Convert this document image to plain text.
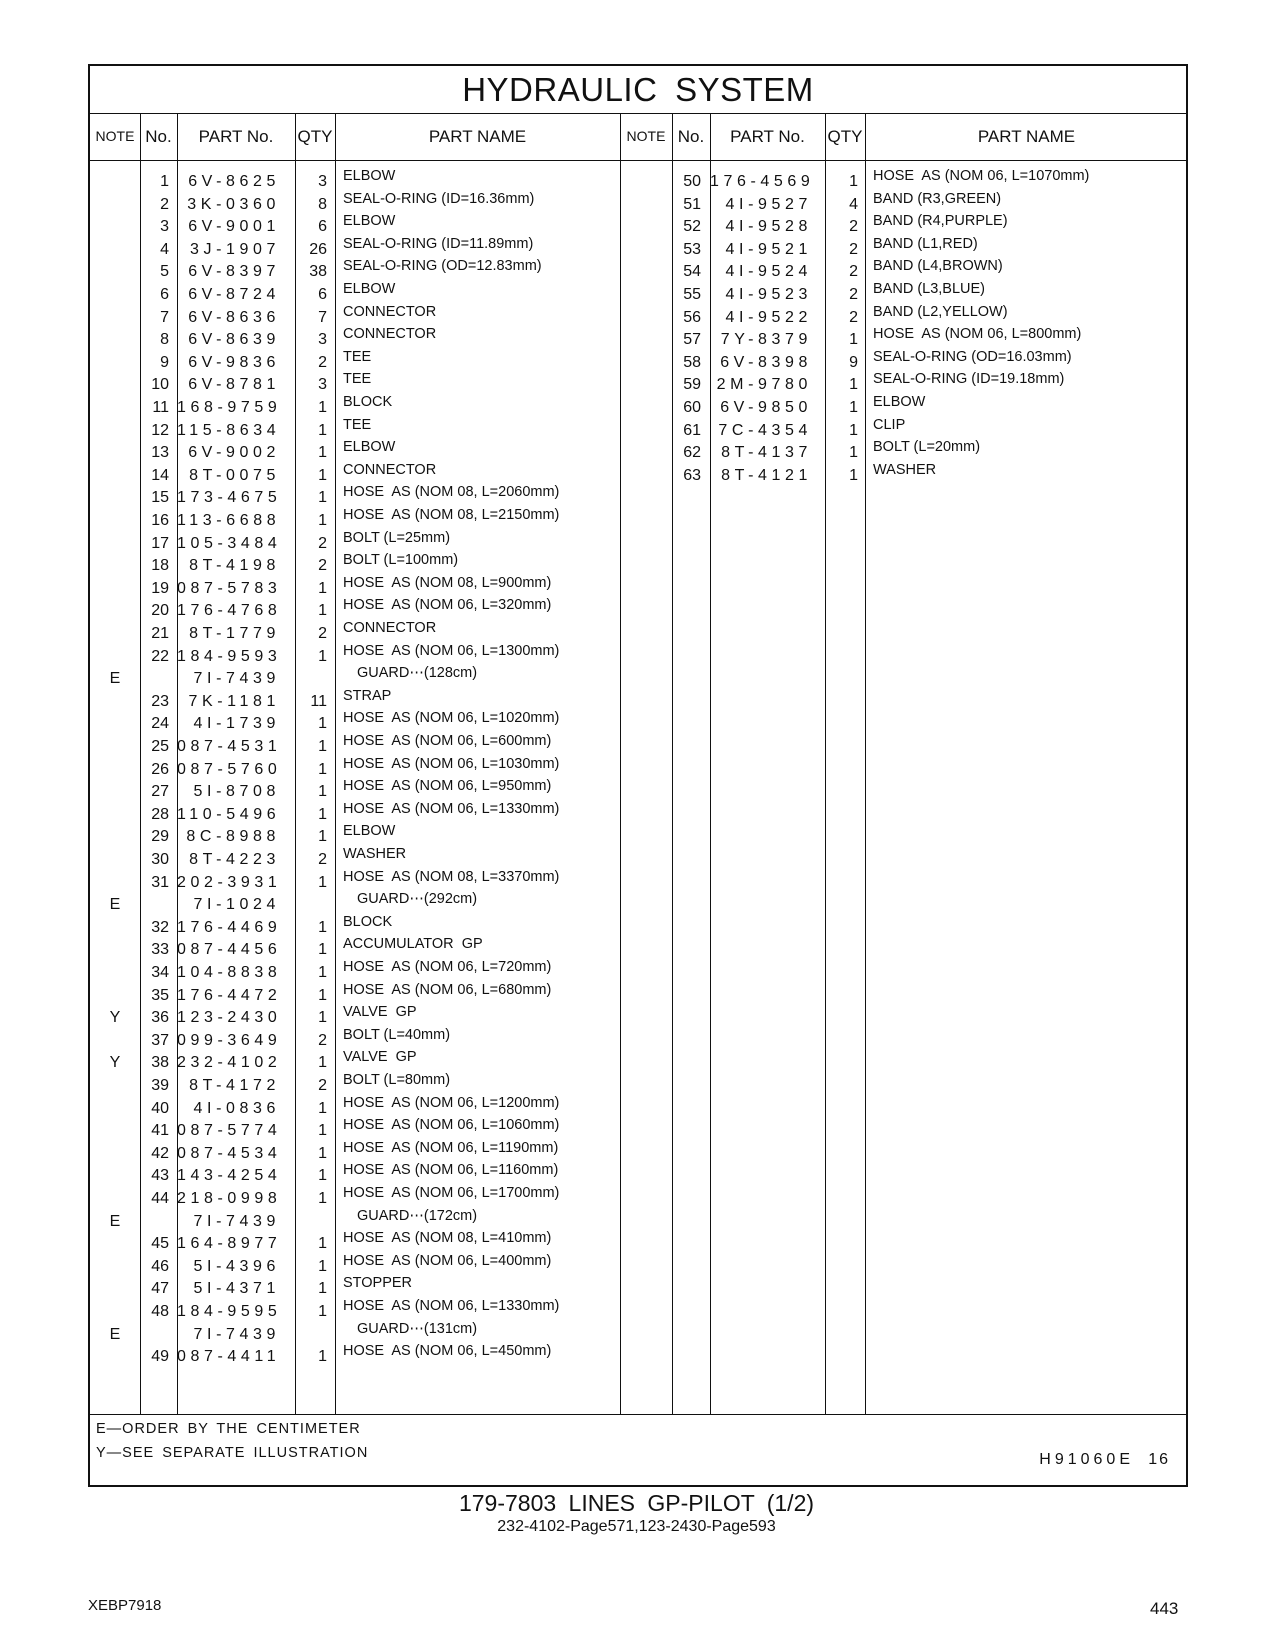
HYDRAULIC SYSTEM
NOTE No.	PART No.	QTY	PART NAME	NOTE No.	PART No.	QTY	PART NAME
1	6V-8625	3 ELBOW
2	3K-0360	8 SEAL-O-RING (ID=16.36mm)
3	6V-9001	6 ELBOW
4	3J-1907	26 SEAL-O-RING (ID=11.89mm)
5	6V-8397	38 SEAL-O-RING (OD=12.83mm)
6	6V-8724	6 ELBOW
7	6V-8636	7 CONNECTOR
8	6V-8639	3 CONNECTOR
9	6V-9836	2 TEE
10	6V-8781	3 TEE
11 168-9759	1 BLOCK
12 115-8634	1 TEE
13	6V-9002	1 ELBOW
14	8T-0075	1 CONNECTOR
15 173-4675	1 HOSE  AS (NOM 08, L=2060mm)
16 113-6688	1 HOSE  AS (NOM 08, L=2150mm)
17 105-3484	2 BOLT (L=25mm)
18	8T-4198	2 BOLT (L=100mm)
19 087-5783	1 HOSE  AS (NOM 08, L=900mm)
20 176-4768	1 HOSE  AS (NOM 06, L=320mm)
21	8T-1779	2 CONNECTOR
22 184-9593	1 HOSE  AS (NOM 06, L=1300mm)
E	7I-7439	GUARD⋯(128cm)
23	7K-1181	11 STRAP
24	4I-1739	1 HOSE  AS (NOM 06, L=1020mm)
25 087-4531	1 HOSE  AS (NOM 06, L=600mm)
26 087-5760	1 HOSE  AS (NOM 06, L=1030mm)
27	5I-8708	1 HOSE  AS (NOM 06, L=950mm)
28 110-5496	1 HOSE  AS (NOM 06, L=1330mm)
29	8C-8988	1 ELBOW
30	8T-4223	2 WASHER
31 202-3931	1 HOSE  AS (NOM 08, L=3370mm)
E	7I-1024	GUARD⋯(292cm)
32 176-4469	1 BLOCK
33 087-4456	1 ACCUMULATOR  GP
34 104-8838	1 HOSE  AS (NOM 06, L=720mm)
35 176-4472	1 HOSE  AS (NOM 06, L=680mm)
Y	36 123-2430	1 VALVE  GP
37 099-3649	2 BOLT (L=40mm)
Y	38 232-4102	1 VALVE  GP
39	8T-4172	2 BOLT (L=80mm)
40	4I-0836	1 HOSE  AS (NOM 06, L=1200mm)
41 087-5774	1 HOSE  AS (NOM 06, L=1060mm)
42 087-4534	1 HOSE  AS (NOM 06, L=1190mm)
43 143-4254	1 HOSE  AS (NOM 06, L=1160mm)
44 218-0998	1 HOSE  AS (NOM 06, L=1700mm)
E	7I-7439	GUARD⋯(172cm)
45 164-8977	1 HOSE  AS (NOM 08, L=410mm)
46	5I-4396	1 HOSE  AS (NOM 06, L=400mm)
47	5I-4371	1 STOPPER
48 184-9595	1 HOSE  AS (NOM 06, L=1330mm)
E	7I-7439	GUARD⋯(131cm)
49 087-4411	1 HOSE  AS (NOM 06, L=450mm)
50 176-4569	1 HOSE  AS (NOM 06, L=1070mm)
51	4I-9527	4 BAND (R3,GREEN)
52	4I-9528	2 BAND (R4,PURPLE)
53	4I-9521	2 BAND (L1,RED)
54	4I-9524	2 BAND (L4,BROWN)
55	4I-9523	2 BAND (L3,BLUE)
56	4I-9522	2 BAND (L2,YELLOW)
57	7Y-8379	1 HOSE  AS (NOM 06, L=800mm)
58	6V-8398	9 SEAL-O-RING (OD=16.03mm)
59 2M-9780	1 SEAL-O-RING (ID=19.18mm)
60	6V-9850	1 ELBOW
61	7C-4354	1 CLIP
62	8T-4137	1 BOLT (L=20mm)
63	8T-4121	1 WASHER
E—ORDER BY THE CENTIMETER
Y—SEE SEPARATE ILLUSTRATION	H91060E 16
179-7803 LINES GP-PILOT (1/2)
232-4102-Page571,123-2430-Page593
XEBP7918	443
